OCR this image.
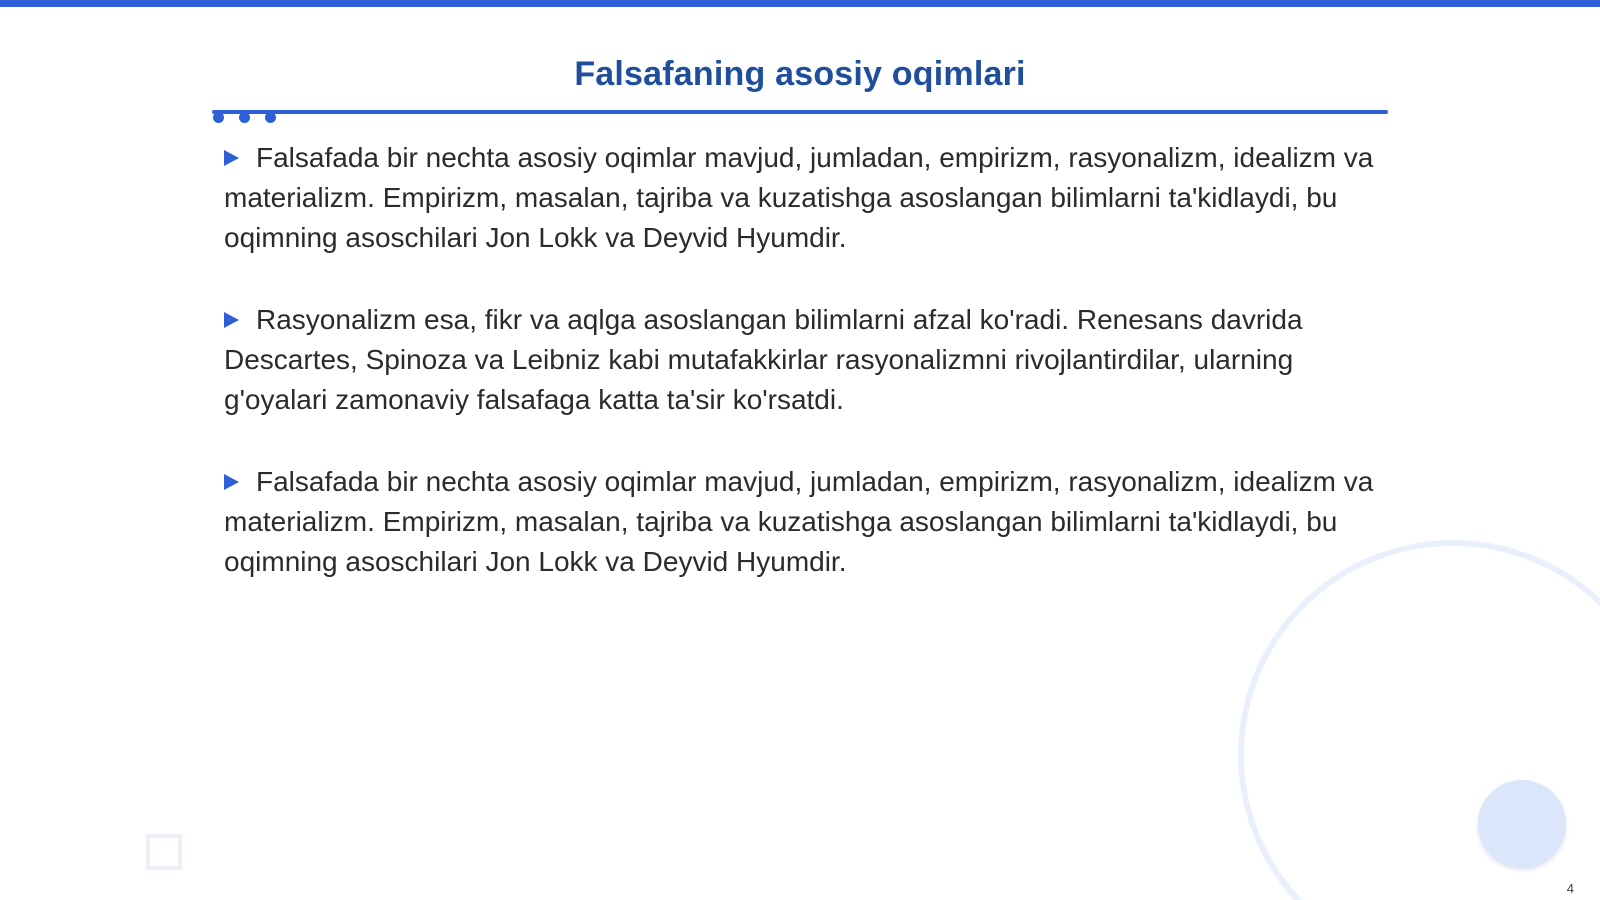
Falsafaning asosiy oqimlari

Falsafada bir nechta asosiy oqimlar mavjud, jumladan, empirizm, rasyonalizm, idealizm va materializm. Empirizm, masalan, tajriba va kuzatishga asoslangan bilimlarni ta'kidlaydi, bu oqimning asoschilari Jon Lokk va Deyvid Hyumdir.

Rasyonalizm esa, fikr va aqlga asoslangan bilimlarni afzal ko'radi. Renesans davrida Descartes, Spinoza va Leibniz kabi mutafakkirlar rasyonalizmni rivojlantirdilar, ularning g'oyalari zamonaviy falsafaga katta ta'sir ko'rsatdi.

Falsafada bir nechta asosiy oqimlar mavjud, jumladan, empirizm, rasyonalizm, idealizm va materializm. Empirizm, masalan, tajriba va kuzatishga asoslangan bilimlarni ta'kidlaydi, bu oqimning asoschilari Jon Lokk va Deyvid Hyumdir.

4
